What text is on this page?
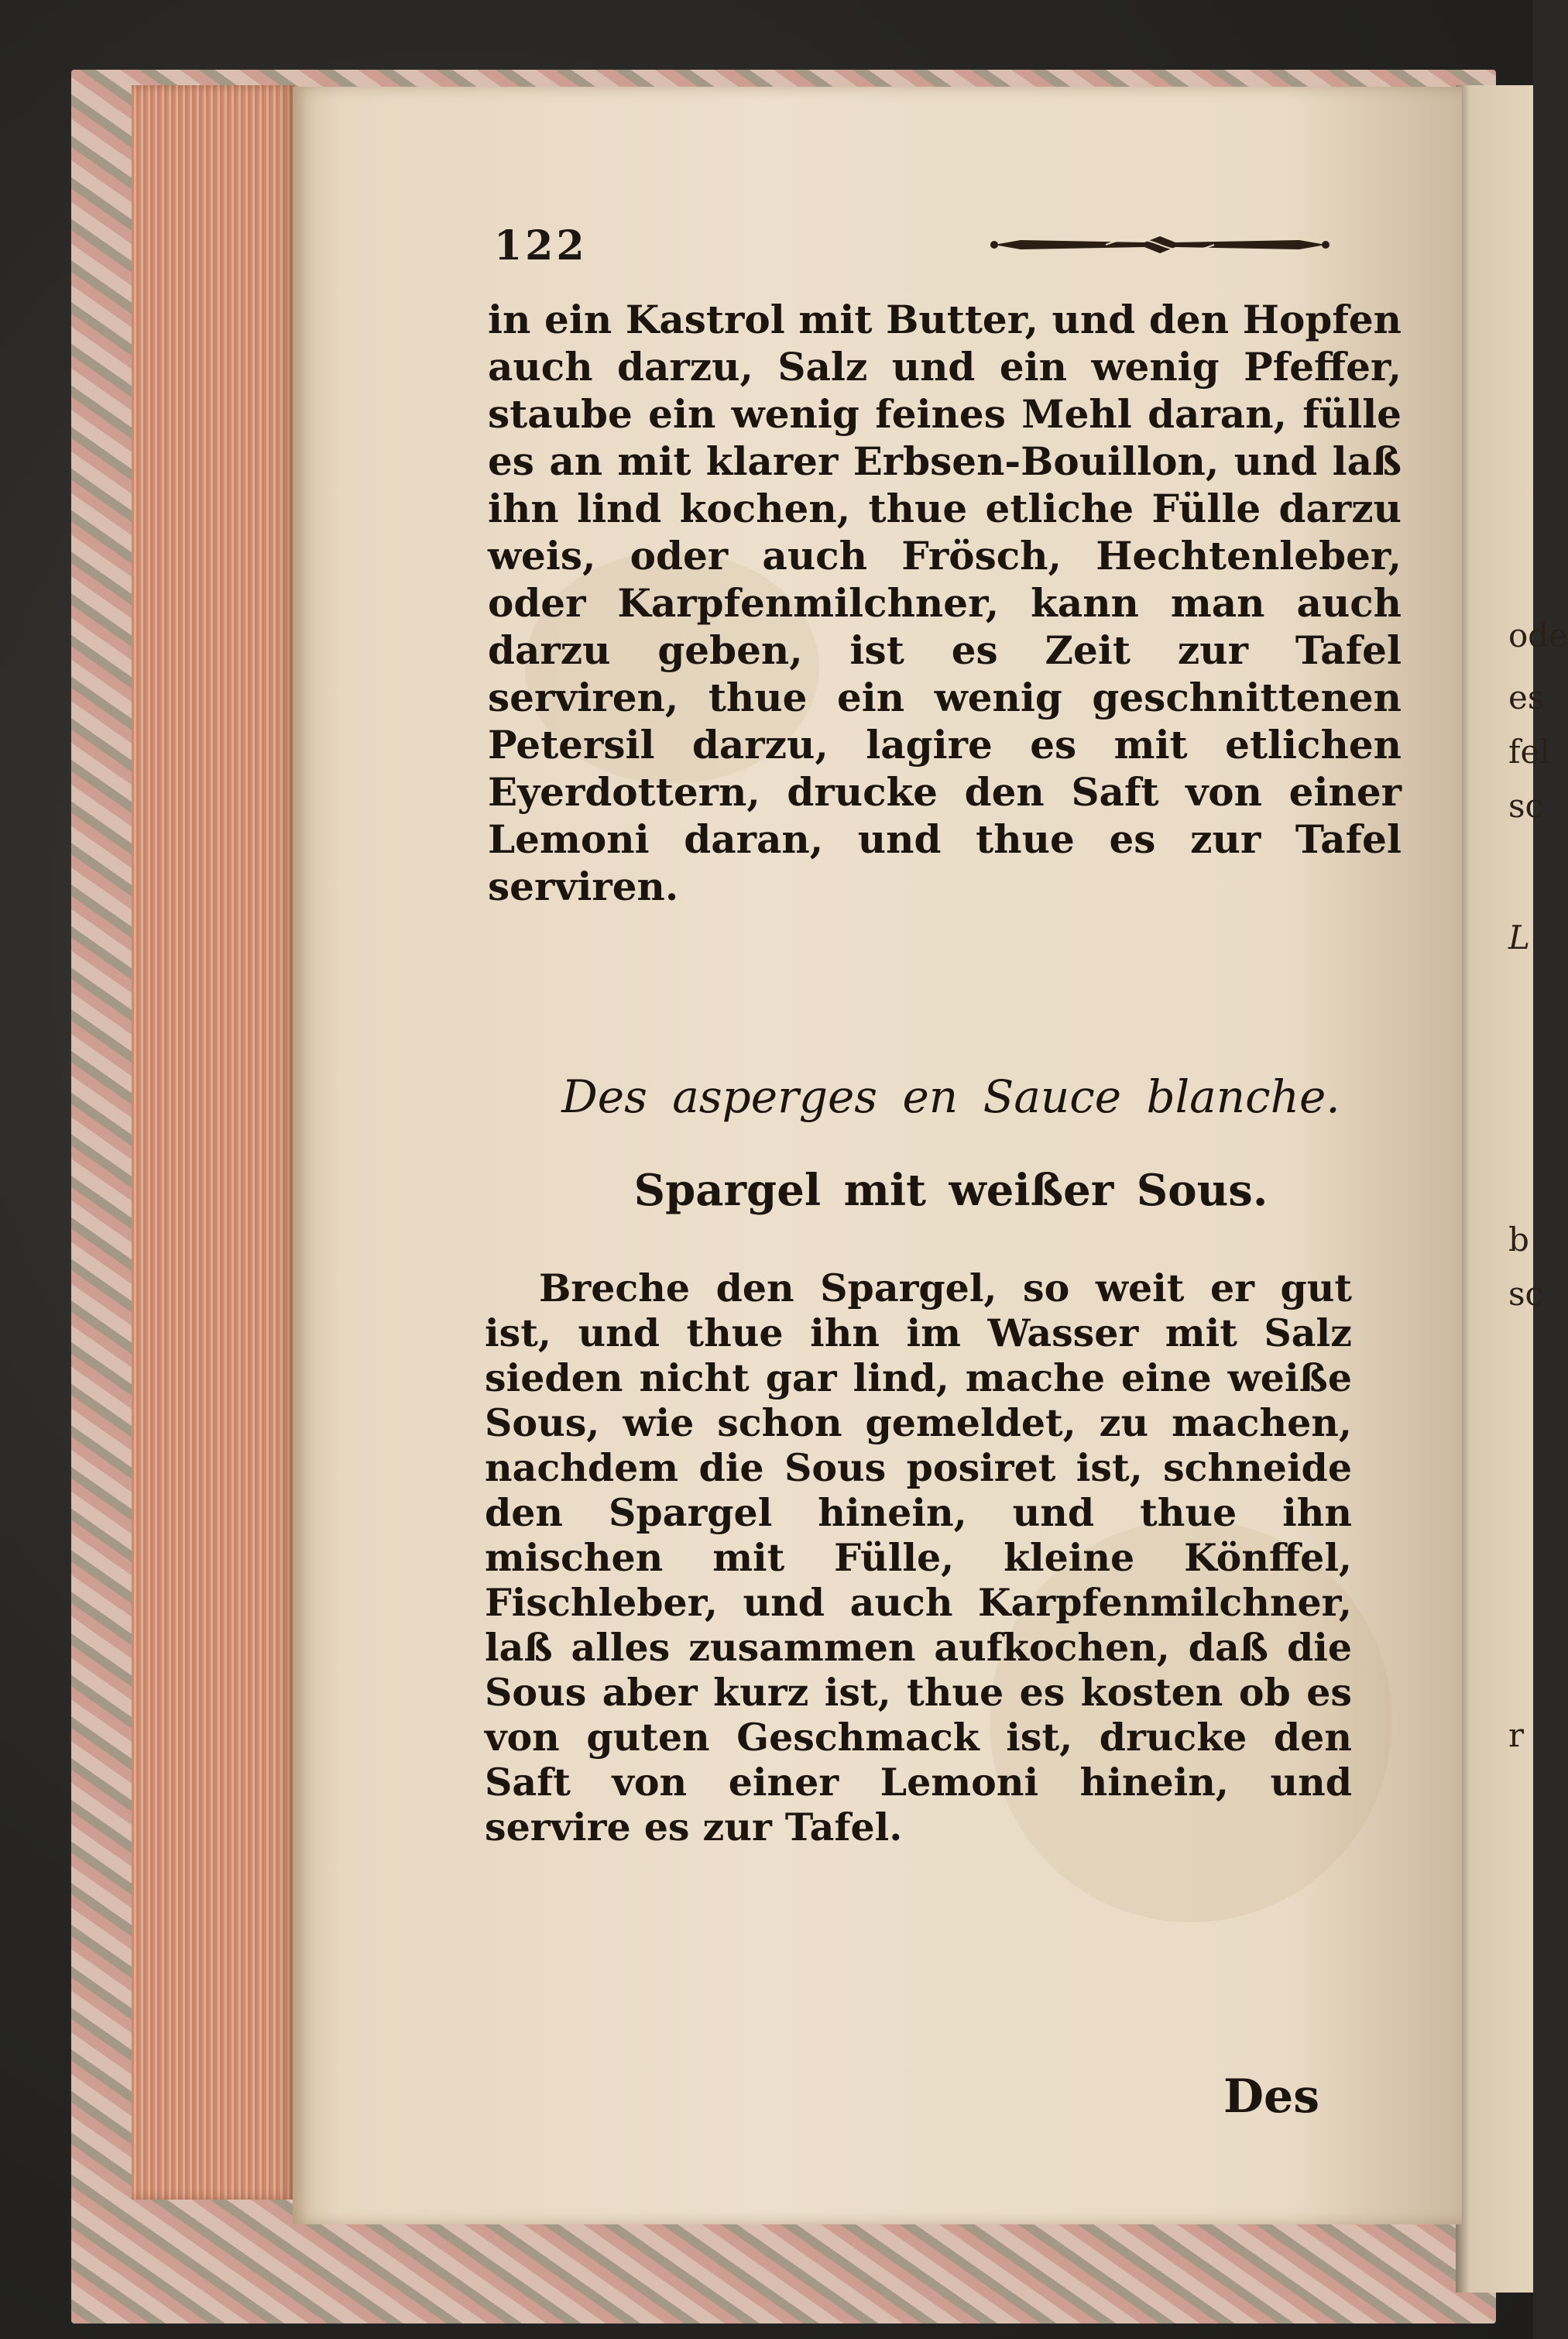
ode
es
fel
sc
L
b
sc
r
122

in ein Kastrol mit Butter, und den Hopfen auch darzu, Salz und ein wenig Pfeffer, staube ein wenig feines Mehl daran, fülle es an mit klarer Erbsen-Bouillon, und laß ihn lind kochen, thue etliche Fülle darzu weis, oder auch Frösch, Hechtenleber, oder Karpfenmilchner, kann man auch darzu geben, ist es Zeit zur Tafel serviren, thue ein wenig geschnittenen Petersil darzu, lagire es mit etlichen Eyerdottern, drucke den Saft von einer Lemoni daran, und thue es zur Tafel serviren.

Des asperges en Sauce blanche.
Spargel mit weißer Sous.

Breche den Spargel, so weit er gut ist, und thue ihn im Wasser mit Salz sieden nicht gar lind, mache eine weiße Sous, wie schon gemeldet, zu machen, nachdem die Sous posiret ist, schneide den Spargel hinein, und thue ihn mischen mit Fülle, kleine Könffel, Fischleber, und auch Karpfenmilchner, laß alles zusammen aufkochen, daß die Sous aber kurz ist, thue es kosten ob es von guten Geschmack ist, drucke den Saft von einer Lemoni hinein, und servire es zur Tafel.

Des
